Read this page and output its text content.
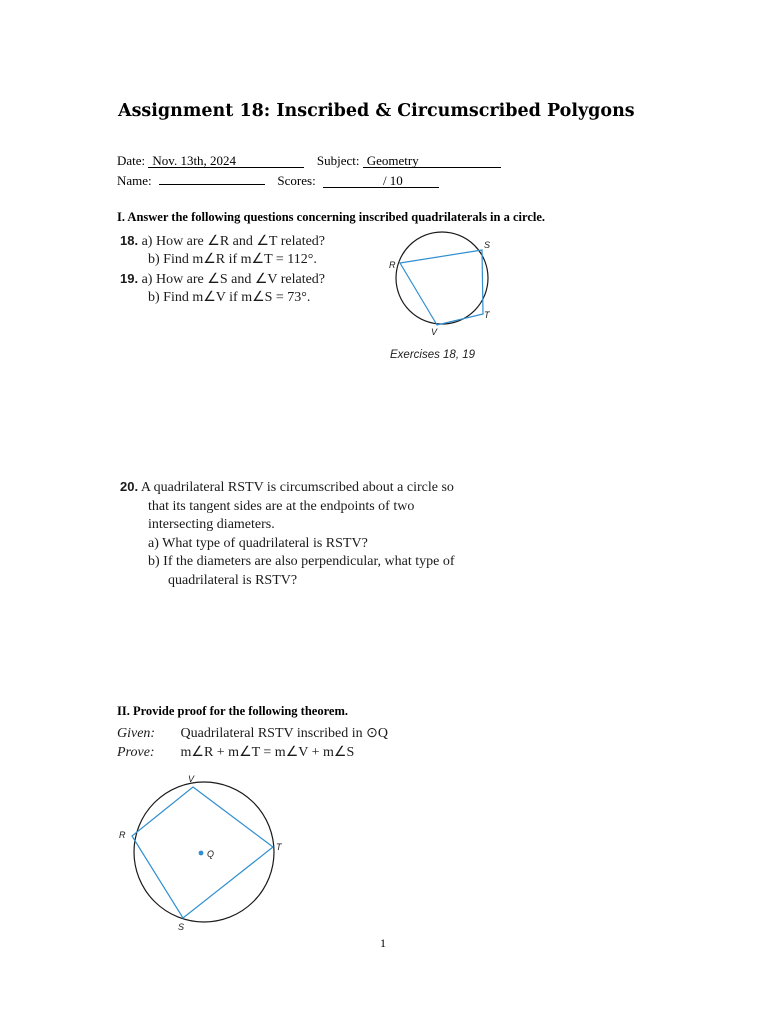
Assignment 18: Inscribed & Circumscribed Polygons
Date: Nov. 13th, 2024	Subject: Geometry
Name:	Scores:	/ 10
I. Answer the following questions concerning inscribed quadrilaterals in a circle.
18. a) How are ∠R and ∠T related?
b) Find m∠R if m∠T = 112°.
19. a) How are ∠S and ∠V related?
b) Find m∠V if m∠S = 73°.
R
S
T
V
Exercises 18, 19
20. A quadrilateral RSTV is circumscribed about a circle so
that its tangent sides are at the endpoints of two
intersecting diameters.
a) What type of quadrilateral is RSTV?
b) If the diameters are also perpendicular, what type of
quadrilateral is RSTV?
II. Provide proof for the following theorem.
Given: Quadrilateral RSTV inscribed in ⊙Q
Prove: m∠R + m∠T = m∠V + m∠S
V
R
T
S
Q
1
